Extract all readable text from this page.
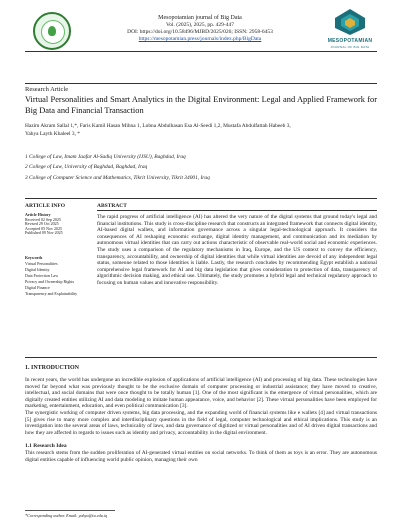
Mesopotamian journal of Big Data
Vol. (2025), 2025, pp. 429-447
DOI: https://doi.org/10.58496/MJBD/2025/026; ISSN: 2958-6453
https://mesopotamian.press/journals/index.php/BigData	MESOPOTAMIAN
JOURNAL OF BIG DATA
Research Article
Virtual Personalities and Smart Analytics in the Digital Environment: Legal and Applied Framework for Big Data and Financial Transaction
Hazim Akram Sallal 1,*, Faris Kamil Hasan Mihna 1, Lobna Abdulhasan Esa Al-Seedi 1,2, Mustafa Abdulfattah Habeeb 3,
Yahya Layth Khaleel 3, *
1 College of Law, Imam Jaafar Al-Sadiq University (IJSU), Baghdad, Iraq
2 College of Law, University of Baghdad, Baghdad, Iraq
3 College of Computer Science and Mathematics, Tikrit University, Tikrit 34001, Iraq
ARTICLE INFO
Article History
Received 02 Sep 2025
Revised 29 Oct 2025
Accepted 05 Nov 2025
Published 09 Nov 2025
Keywords
Virtual Personalities
Digital Identity
Data Protection Law
Privacy and Ownership Rights
Digital Finance
Transparency and Explainability
ABSTRACT
The rapid progress of artificial intelligence (AI) has altered the very nature of the digital systems that ground today's legal and financial institutions. This study is cross-discipline research that constructs an integrated framework that connects digital identity, AI-based digital wallets, and information governance across a singular legal-technological approach. It considers the consequences of AI reshaping economic exchange, digital identity management, and communication and its mediation by autonomous virtual identities that can carry out actions characteristic of observable real-world social and economic experiences. The study uses a comparison of the regulatory mechanisms in Iraq, Europe, and the US context to convey the efficiency, transparency, accountability, and ownership of digital identities that while virtual identities are devoid of any independent legal status, someone related to those identities is liable. Lastly, the research concludes by recommending Egypt establish a national comprehensive legal framework for AI and big data legislation that gives consideration to protection of data, transparency of algorithmic decision making, and ethical use. Ultimately, the study promotes a hybrid legal and technical regulatory approach to focusing on human values and innovative responsibility.
1. INTRODUCTION

In recent years, the world has undergone an incredible explosion of applications of artificial intelligence (AI) and processing of big data. These technologies have moved far beyond what was previously thought to be the exclusive domain of computer processing or industrial assistance; they have moved to creative, intellectual, and social domains that were once thought to be totally human [1]. One of the most significant is the emergence of virtual personalities, which are digitally created entities utilizing AI and data modeling to imitate human appearance, voice, and behavior [2]. These virtual personalities have been employed for marketing, entertainment, education, and even political communication [3].

The synergistic working of computer driven systems, big data processing, and the expanding world of financial systems like e wallets [4] and virtual transactions [5] gives rise to many more complex and interdisciplinary questions in the field of legal, computer technological and ethical implications. This study is an investigation into the several areas of laws, technicality of laws, and data governance of digitized or virtual personalities and of AI driven digital transactions and how they are affected in regards to issues such as identity and privacy, accountability in the digital environment.

1.1 Research Idea
This research stems from the sudden proliferation of AI-generated virtual entities on social networks. To think of them as toys is an error. They are autonomous digital entities capable of influencing world public opinion, managing their own
*Corresponding author. Email: yahya@tu.edu.iq
